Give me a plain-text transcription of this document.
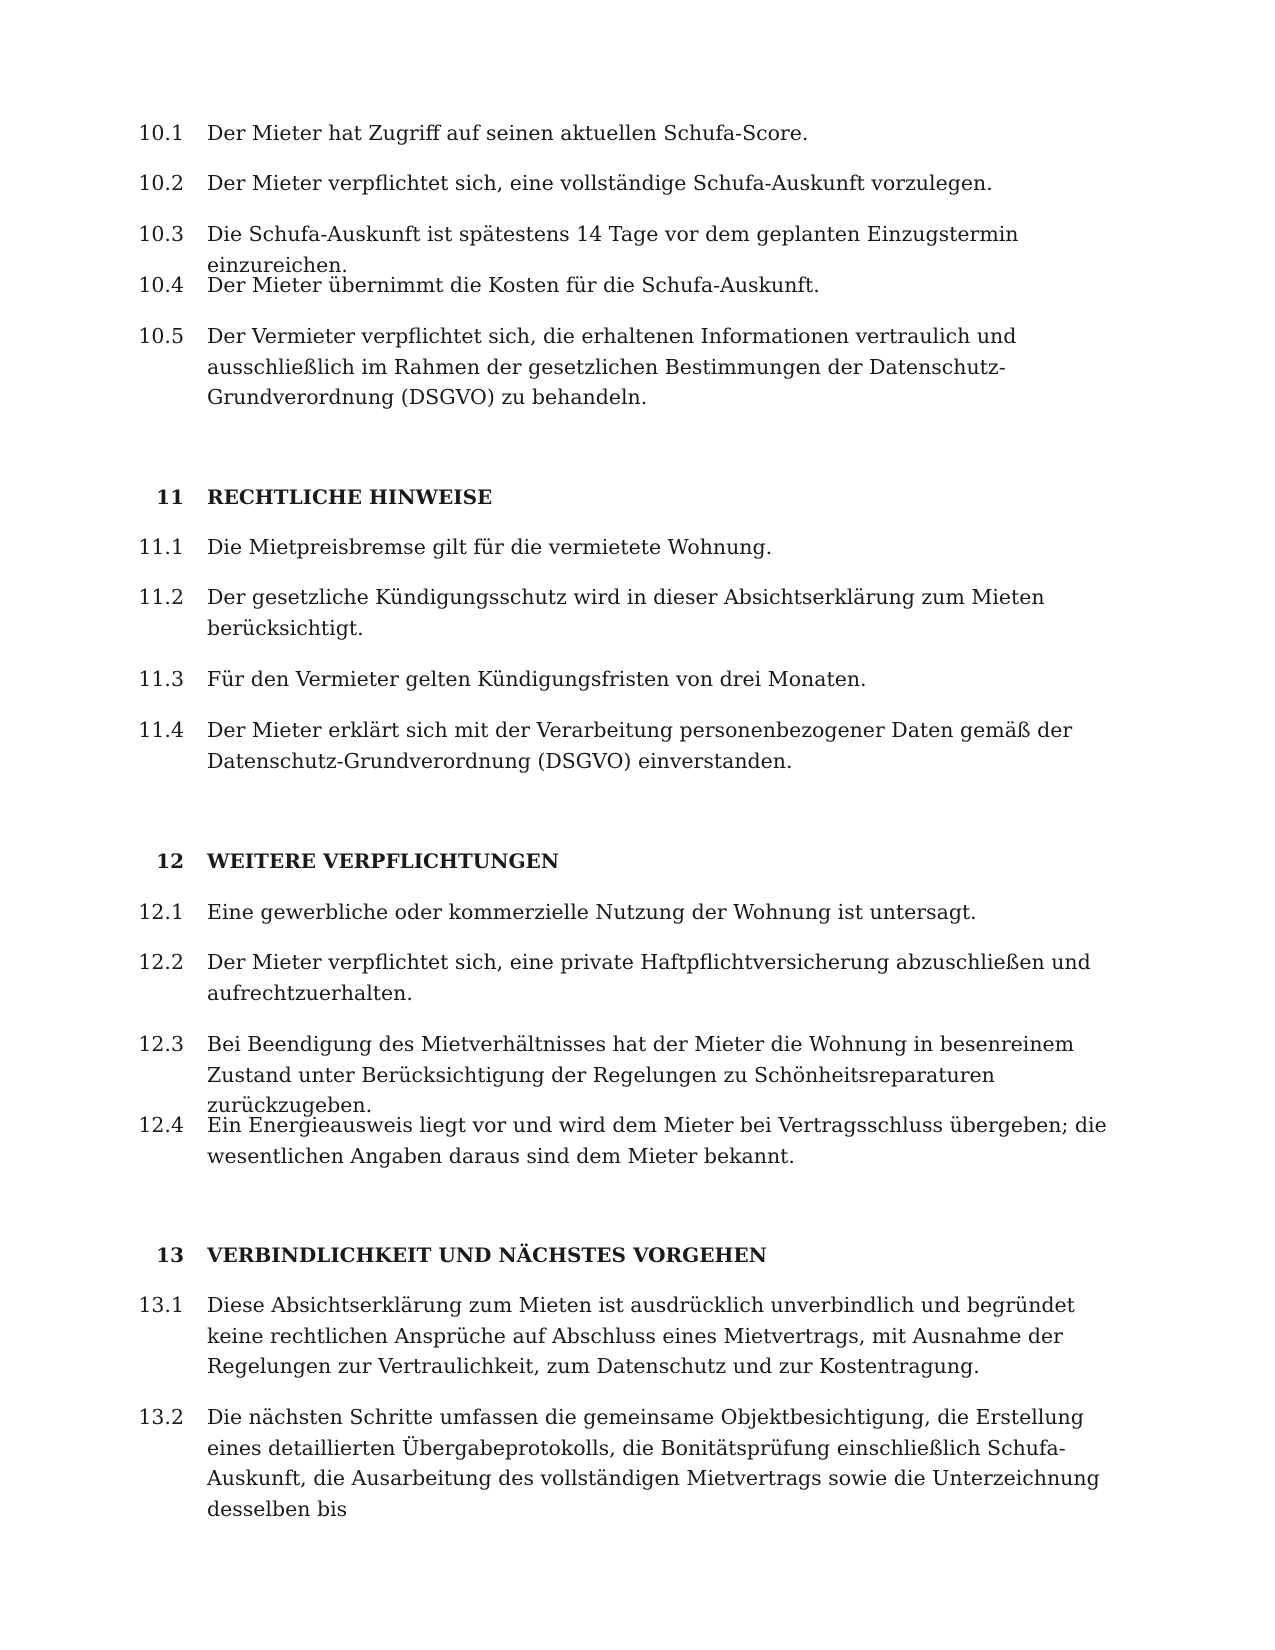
10.1 Der Mieter hat Zugriff auf seinen aktuellen Schufa-Score.
10.2 Der Mieter verpflichtet sich, eine vollständige Schufa-Auskunft vorzulegen.
10.3 Die Schufa-Auskunft ist spätestens 14 Tage vor dem geplanten Einzugstermin einzureichen.
10.4 Der Mieter übernimmt die Kosten für die Schufa-Auskunft.
10.5 Der Vermieter verpflichtet sich, die erhaltenen Informationen vertraulich und ausschließlich im Rahmen der gesetzlichen Bestimmungen der Datenschutz-Grundverordnung (DSGVO) zu behandeln.
11 RECHTLICHE HINWEISE
11.1 Die Mietpreisbremse gilt für die vermietete Wohnung.
11.2 Der gesetzliche Kündigungsschutz wird in dieser Absichtserklärung zum Mieten berücksichtigt.
11.3 Für den Vermieter gelten Kündigungsfristen von drei Monaten.
11.4 Der Mieter erklärt sich mit der Verarbeitung personenbezogener Daten gemäß der Datenschutz-Grundverordnung (DSGVO) einverstanden.
12 WEITERE VERPFLICHTUNGEN
12.1 Eine gewerbliche oder kommerzielle Nutzung der Wohnung ist untersagt.
12.2 Der Mieter verpflichtet sich, eine private Haftpflichtversicherung abzuschließen und aufrechtzuerhalten.
12.3 Bei Beendigung des Mietverhältnisses hat der Mieter die Wohnung in besenreinem Zustand unter Berücksichtigung der Regelungen zu Schönheitsreparaturen zurückzugeben.
12.4 Ein Energieausweis liegt vor und wird dem Mieter bei Vertragsschluss übergeben; die wesentlichen Angaben daraus sind dem Mieter bekannt.
13 VERBINDLICHKEIT UND NÄCHSTES VORGEHEN
13.1 Diese Absichtserklärung zum Mieten ist ausdrücklich unverbindlich und begründet keine rechtlichen Ansprüche auf Abschluss eines Mietvertrags, mit Ausnahme der Regelungen zur Vertraulichkeit, zum Datenschutz und zur Kostentragung.
13.2 Die nächsten Schritte umfassen die gemeinsame Objektbesichtigung, die Erstellung eines detaillierten Übergabeprotokolls, die Bonitätsprüfung einschließlich Schufa-Auskunft, die Ausarbeitung des vollständigen Mietvertrags sowie die Unterzeichnung desselben bis
